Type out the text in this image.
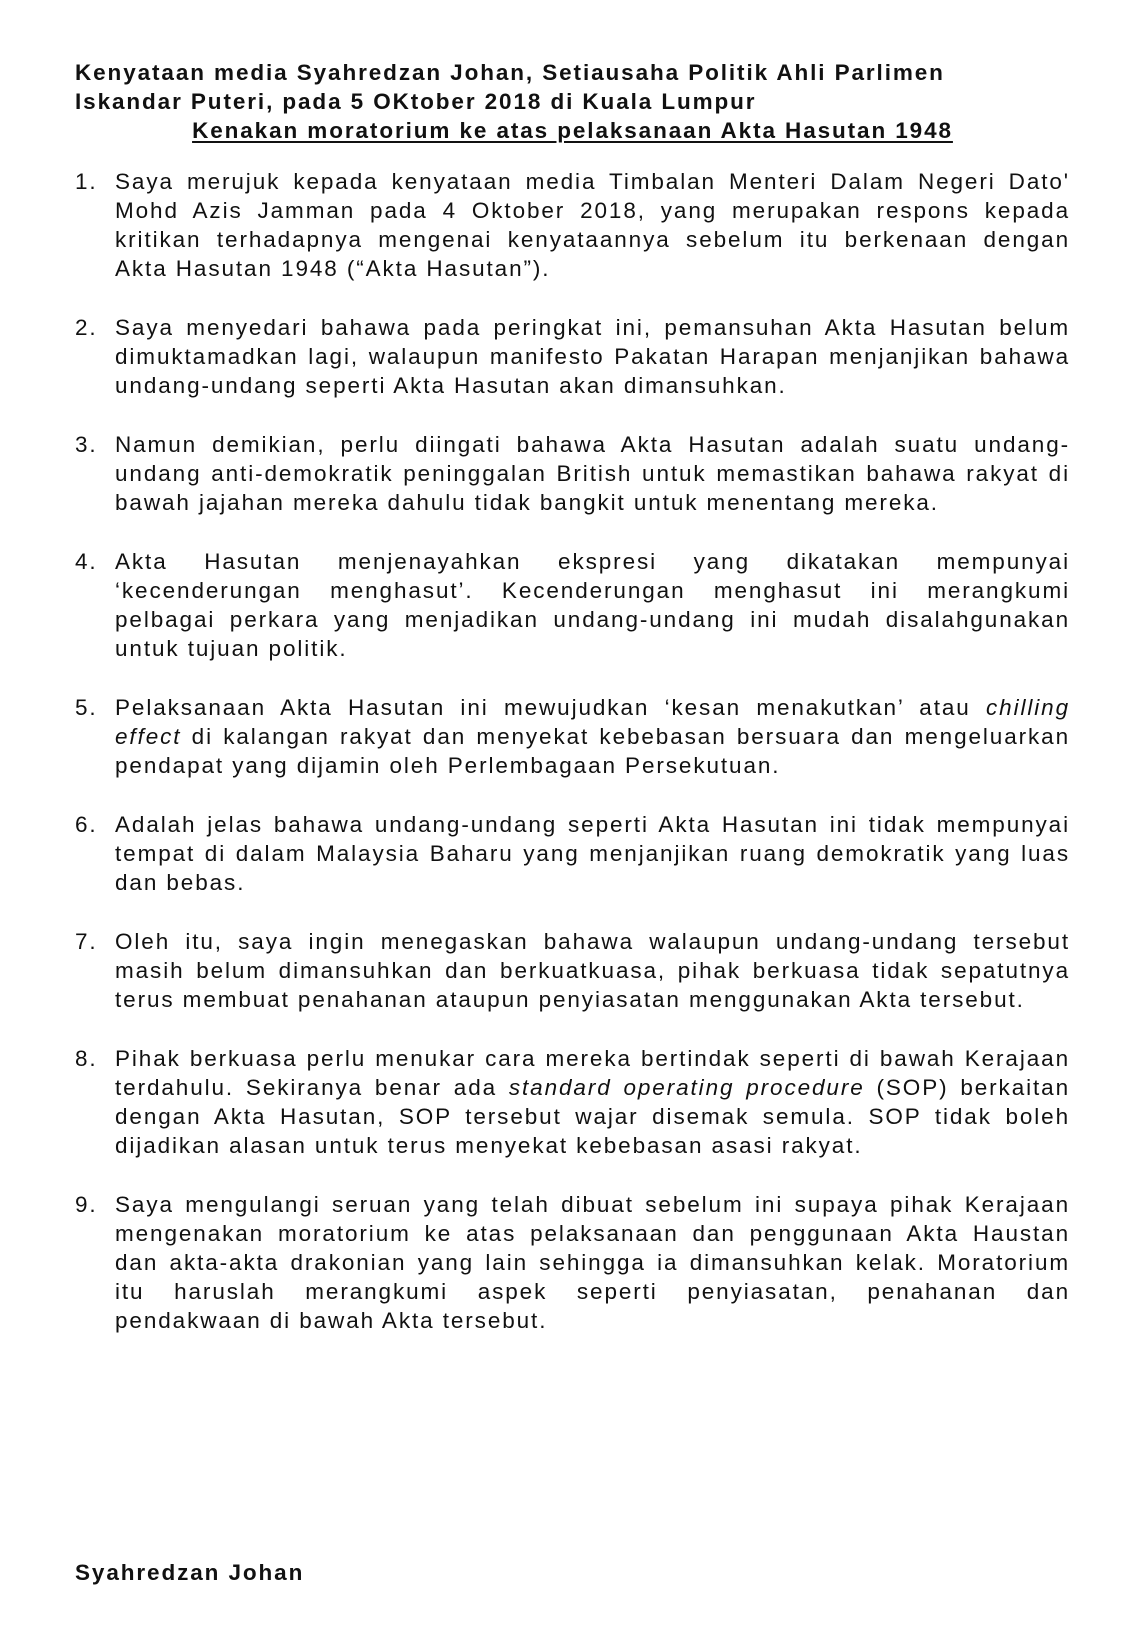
Kenyataan media Syahredzan Johan, Setiausaha Politik Ahli Parlimen
Iskandar Puteri, pada 5 OKtober 2018 di Kuala Lumpur
Kenakan moratorium ke atas pelaksanaan Akta Hasutan 1948
1. Saya merujuk kepada kenyataan media Timbalan Menteri Dalam Negeri Dato' Mohd Azis Jamman pada 4 Oktober 2018, yang merupakan respons kepada kritikan terhadapnya mengenai kenyataannya sebelum itu berkenaan dengan Akta Hasutan 1948 (“Akta Hasutan”).
2. Saya menyedari bahawa pada peringkat ini, pemansuhan Akta Hasutan belum dimuktamadkan lagi, walaupun manifesto Pakatan Harapan menjanjikan bahawa undang-undang seperti Akta Hasutan akan dimansuhkan.
3. Namun demikian, perlu diingati bahawa Akta Hasutan adalah suatu undang-undang anti-demokratik peninggalan British untuk memastikan bahawa rakyat di bawah jajahan mereka dahulu tidak bangkit untuk menentang mereka.
4. Akta Hasutan menjenayahkan ekspresi yang dikatakan mempunyai ‘kecenderungan menghasut’. Kecenderungan menghasut ini merangkumi pelbagai perkara yang menjadikan undang-undang ini mudah disalahgunakan untuk tujuan politik.
5. Pelaksanaan Akta Hasutan ini mewujudkan ‘kesan menakutkan’ atau chilling effect di kalangan rakyat dan menyekat kebebasan bersuara dan mengeluarkan pendapat yang dijamin oleh Perlembagaan Persekutuan.
6. Adalah jelas bahawa undang-undang seperti Akta Hasutan ini tidak mempunyai tempat di dalam Malaysia Baharu yang menjanjikan ruang demokratik yang luas dan bebas.
7. Oleh itu, saya ingin menegaskan bahawa walaupun undang-undang tersebut masih belum dimansuhkan dan berkuatkuasa, pihak berkuasa tidak sepatutnya terus membuat penahanan ataupun penyiasatan menggunakan Akta tersebut.
8. Pihak berkuasa perlu menukar cara mereka bertindak seperti di bawah Kerajaan terdahulu. Sekiranya benar ada standard operating procedure (SOP) berkaitan dengan Akta Hasutan, SOP tersebut wajar disemak semula. SOP tidak boleh dijadikan alasan untuk terus menyekat kebebasan asasi rakyat.
9. Saya mengulangi seruan yang telah dibuat sebelum ini supaya pihak Kerajaan mengenakan moratorium ke atas pelaksanaan dan penggunaan Akta Haustan dan akta-akta drakonian yang lain sehingga ia dimansuhkan kelak. Moratorium itu haruslah merangkumi aspek seperti penyiasatan, penahanan dan pendakwaan di bawah Akta tersebut.
Syahredzan Johan
